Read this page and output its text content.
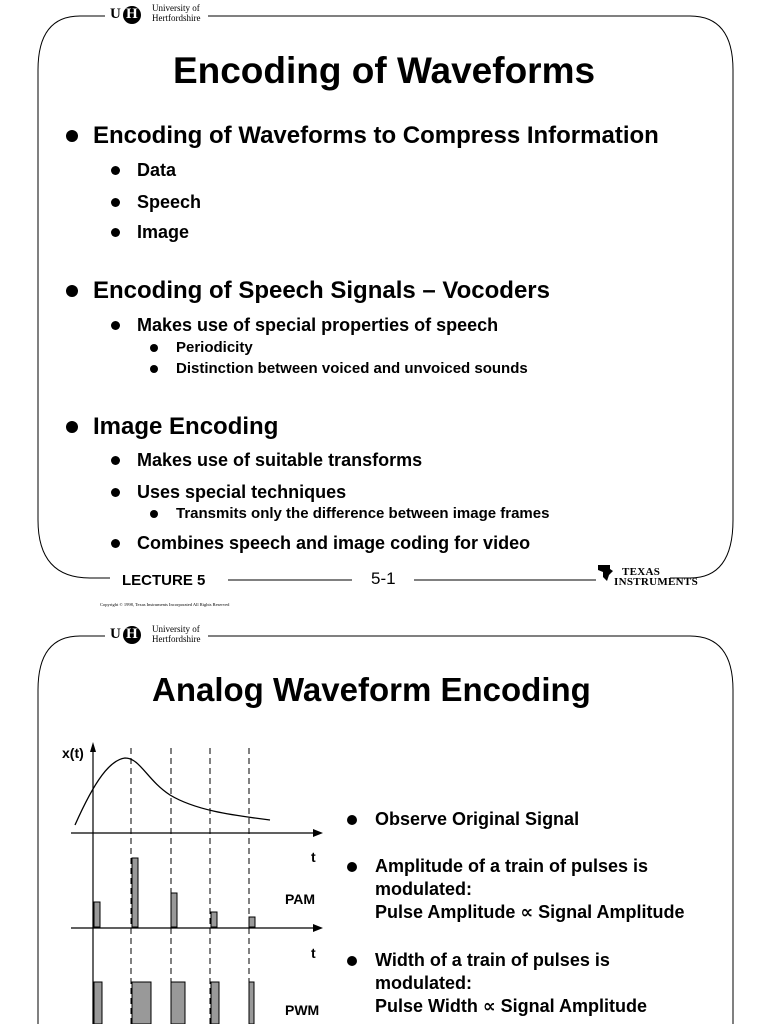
U H University of
Hertfordshire
Encoding of Waveforms
Encoding of Waveforms to Compress Information
Data
Speech
Image
Encoding of Speech Signals – Vocoders
Makes use of special properties of speech
Periodicity
Distinction between voiced and unvoiced sounds
Image Encoding
Makes use of suitable transforms
Uses special techniques
Transmits only the difference between image frames
Combines speech and image coding for video
LECTURE 5	5-1	TEXAS
INSTRUMENTS
Copyright © 1998, Texas Instruments Incorporated All Rights Reserved
U H University of
Hertfordshire
Analog Waveform Encoding
x(t)
t
PAM
t
PWM
Observe Original Signal
Amplitude of a train of pulses is
modulated:
Pulse Amplitude ∝ Signal Amplitude
Width of a train of pulses is
modulated:
Pulse Width ∝ Signal Amplitude
